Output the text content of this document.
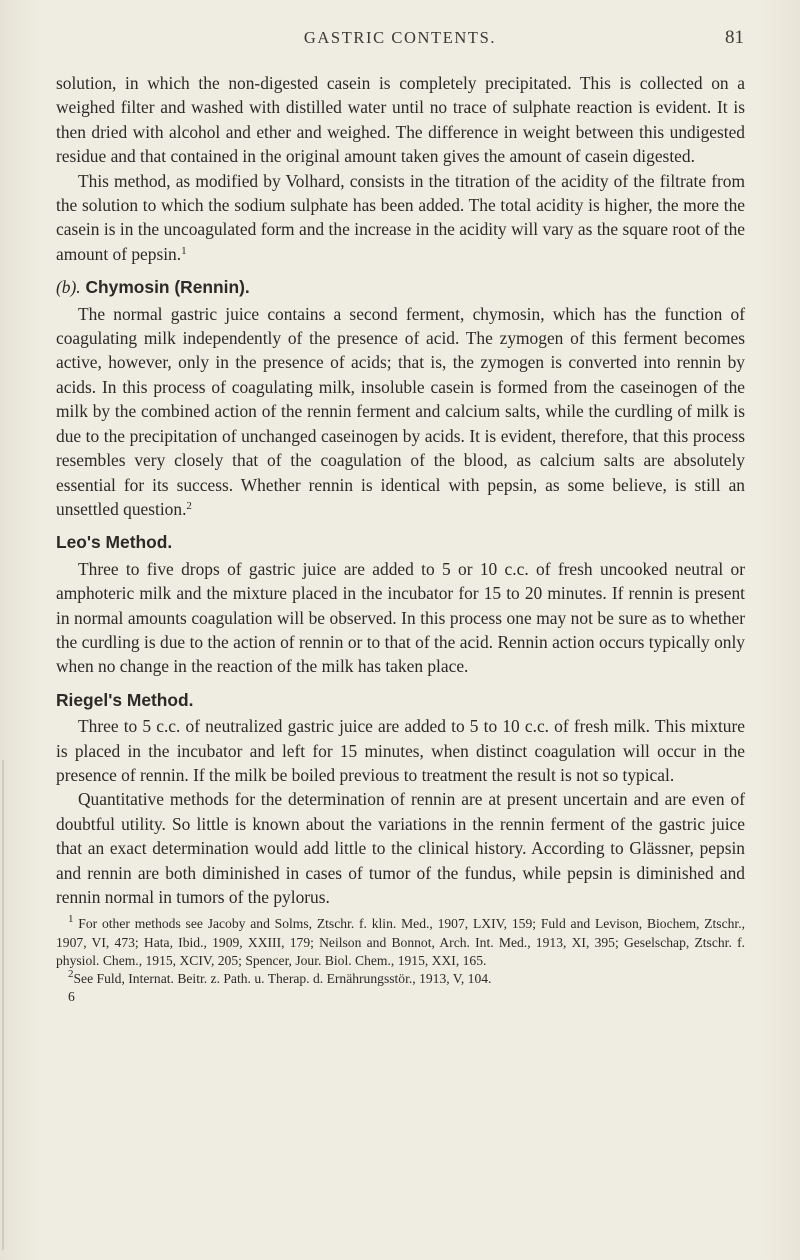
GASTRIC CONTENTS.	81

solution, in which the non-digested casein is completely precipitated. This is collected on a weighed filter and washed with distilled water until no trace of sulphate reaction is evident. It is then dried with alcohol and ether and weighed. The difference in weight between this undigested residue and that contained in the original amount taken gives the amount of casein digested.

This method, as modified by Volhard, consists in the titration of the acidity of the filtrate from the solution to which the sodium sulphate has been added. The total acidity is higher, the more the casein is in the uncoagulated form and the increase in the acidity will vary as the square root of the amount of pepsin.$^1$

(b). Chymosin (Rennin).

The normal gastric juice contains a second ferment, chymosin, which has the function of coagulating milk independently of the presence of acid. The zymogen of this ferment becomes active, however, only in the presence of acids; that is, the zymogen is converted into rennin by acids. In this process of coagulating milk, insoluble casein is formed from the caseinogen of the milk by the combined action of the rennin ferment and calcium salts, while the curdling of milk is due to the precipitation of unchanged caseinogen by acids. It is evident, therefore, that this process resembles very closely that of the coagulation of the blood, as calcium salts are absolutely essential for its success. Whether rennin is identical with pepsin, as some believe, is still an unsettled question.$^2$

Leo's Method.

Three to five drops of gastric juice are added to 5 or 10 c.c. of fresh uncooked neutral or amphoteric milk and the mixture placed in the incubator for 15 to 20 minutes. If rennin is present in normal amounts coagulation will be observed. In this process one may not be sure as to whether the curdling is due to the action of rennin or to that of the acid. Rennin action occurs typically only when no change in the reaction of the milk has taken place.

Riegel's Method.

Three to 5 c.c. of neutralized gastric juice are added to 5 to 10 c.c. of fresh milk. This mixture is placed in the incubator and left for 15 minutes, when distinct coagulation will occur in the presence of rennin. If the milk be boiled previous to treatment the result is not so typical.

Quantitative methods for the determination of rennin are at present uncertain and are even of doubtful utility. So little is known about the variations in the rennin ferment of the gastric juice that an exact determination would add little to the clinical history. According to Glässner, pepsin and rennin are both diminished in cases of tumor of the fundus, while pepsin is diminished and rennin normal in tumors of the pylorus.

$^1$ For other methods see Jacoby and Solms, Ztschr. f. klin. Med., 1907, LXIV, 159; Fuld and Levison, Biochem, Ztschr., 1907, VI, 473; Hata, Ibid., 1909, XXIII, 179; Neilson and Bonnot, Arch. Int. Med., 1913, XI, 395; Geselschap, Ztschr. f. physiol. Chem., 1915, XCIV, 205; Spencer, Jour. Biol. Chem., 1915, XXI, 165.

$^2$See Fuld, Internat. Beitr. z. Path. u. Therap. d. Ernährungsstör., 1913, V, 104.

6
